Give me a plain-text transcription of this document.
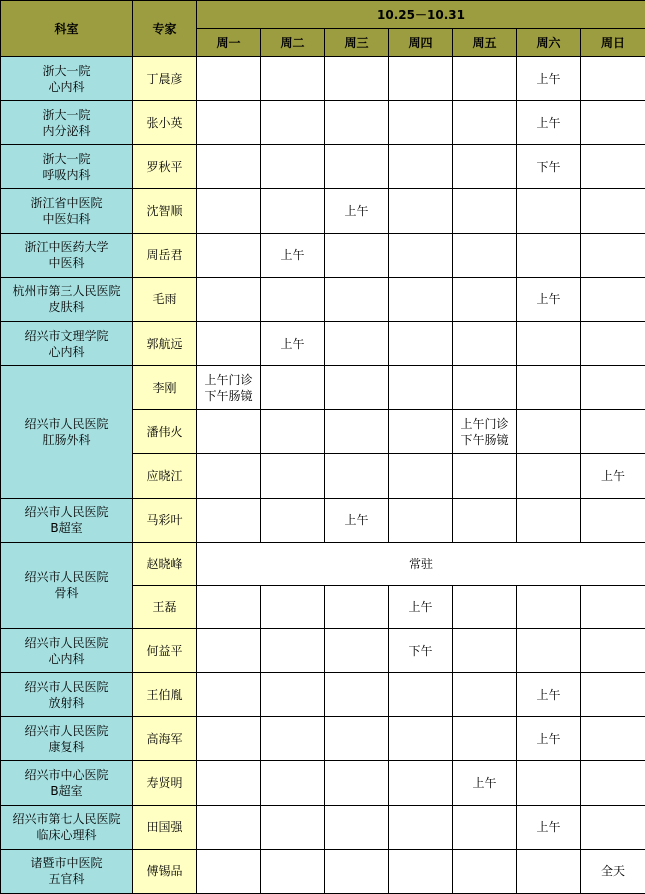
科室	专家	10.25－10.31						
		周一	周二	周三	周四	周五	周六	周日
浙大一院
心内科	丁晨彦						上午	
浙大一院
内分泌科	张小英						上午	
浙大一院
呼吸内科	罗秋平						下午	
浙江省中医院
中医妇科	沈智顺			上午				
浙江中医药大学
中医科	周岳君		上午					
杭州市第三人民医院
皮肤科	毛雨						上午	
绍兴市文理学院
心内科	郭航远		上午					
绍兴市人民医院
肛肠外科	李刚	上午门诊
下午肠镜						
	潘伟火					上午门诊
下午肠镜		
	应晓江							上午
绍兴市人民医院
B超室	马彩叶			上午				
绍兴市人民医院
骨科	赵晓峰	常驻						
	王磊				上午			
绍兴市人民医院
心内科	何益平				下午			
绍兴市人民医院
放射科	王伯胤						上午	
绍兴市人民医院
康复科	高海军						上午	
绍兴市中心医院
B超室	寿贤明					上午		
绍兴市第七人民医院
临床心理科	田国强						上午	
诸暨市中医院
五官科	傅锡品							全天
